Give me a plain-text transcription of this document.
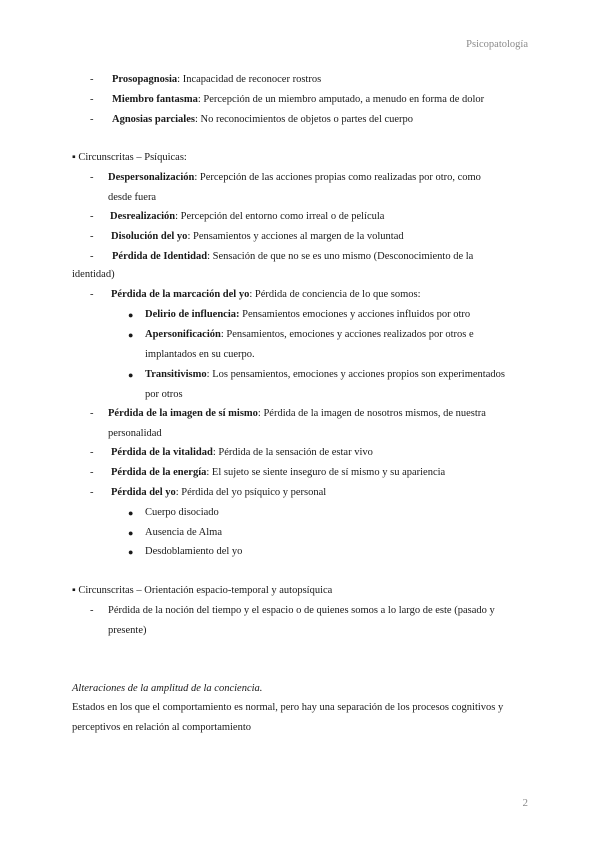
Psicopatología
-	Prosopagnosia: Incapacidad de reconocer rostros
-	Miembro fantasma: Percepción de un miembro amputado, a menudo en forma de dolor
-	Agnosias parciales: No reconocimientos de objetos o partes del cuerpo
▪ Circunscritas – Psíquicas:
-	Despersonalización: Percepción de las acciones propias como realizadas por otro, como
desde fuera
-	Desrealización: Percepción del entorno como irreal o de película
-	Disolución del yo: Pensamientos y acciones al margen de la voluntad
-	Pérdida de Identidad: Sensación de que no se es uno mismo (Desconocimiento de la
identidad)
-	Pérdida de la marcación del yo: Pérdida de conciencia de lo que somos:
●	Delirio de influencia: Pensamientos emociones y acciones influidos por otro
●	Apersonificación: Pensamientos, emociones y acciones realizados por otros e
implantados en su cuerpo.
●	Transitivismo: Los pensamientos, emociones y acciones propios son experimentados
por otros
-	Pérdida de la imagen de sí mismo: Pérdida de la imagen de nosotros mismos, de nuestra
personalidad
-	Pérdida de la vitalidad: Pérdida de la sensación de estar vivo
-	Pérdida de la energía: El sujeto se siente inseguro de sí mismo y su apariencia
-	Pérdida del yo: Pérdida del yo psíquico y personal
●	Cuerpo disociado
●	Ausencia de Alma
●	Desdoblamiento del yo
▪ Circunscritas – Orientación espacio-temporal y autopsíquica
-	Pérdida de la noción del tiempo y el espacio o de quienes somos a lo largo de este (pasado y
presente)
Alteraciones de la amplitud de la conciencia.
Estados en los que el comportamiento es normal, pero hay una separación de los procesos cognitivos y
perceptivos en relación al comportamiento
2
